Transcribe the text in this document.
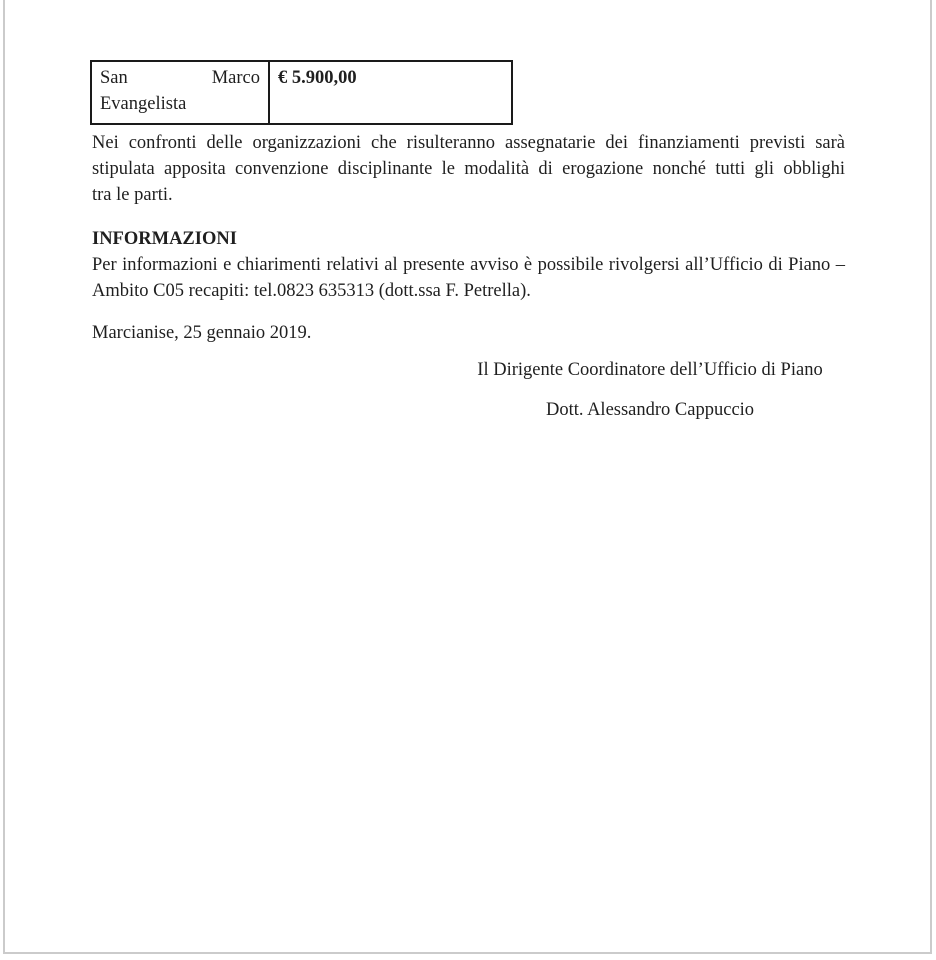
San Marco
Evangelista
€ 5.900,00
Nei confronti delle organizzazioni che risulteranno assegnatarie dei finanziamenti previsti sarà
stipulata apposita convenzione disciplinante le modalità di erogazione nonché tutti gli obblighi
tra le parti.
INFORMAZIONI
Per informazioni e chiarimenti relativi al presente avviso è possibile rivolgersi all’Ufficio di Piano –
Ambito C05 recapiti: tel.0823 635313 (dott.ssa F. Petrella).
Marcianise, 25 gennaio 2019.
Il Dirigente Coordinatore dell’Ufficio di Piano
Dott. Alessandro Cappuccio
